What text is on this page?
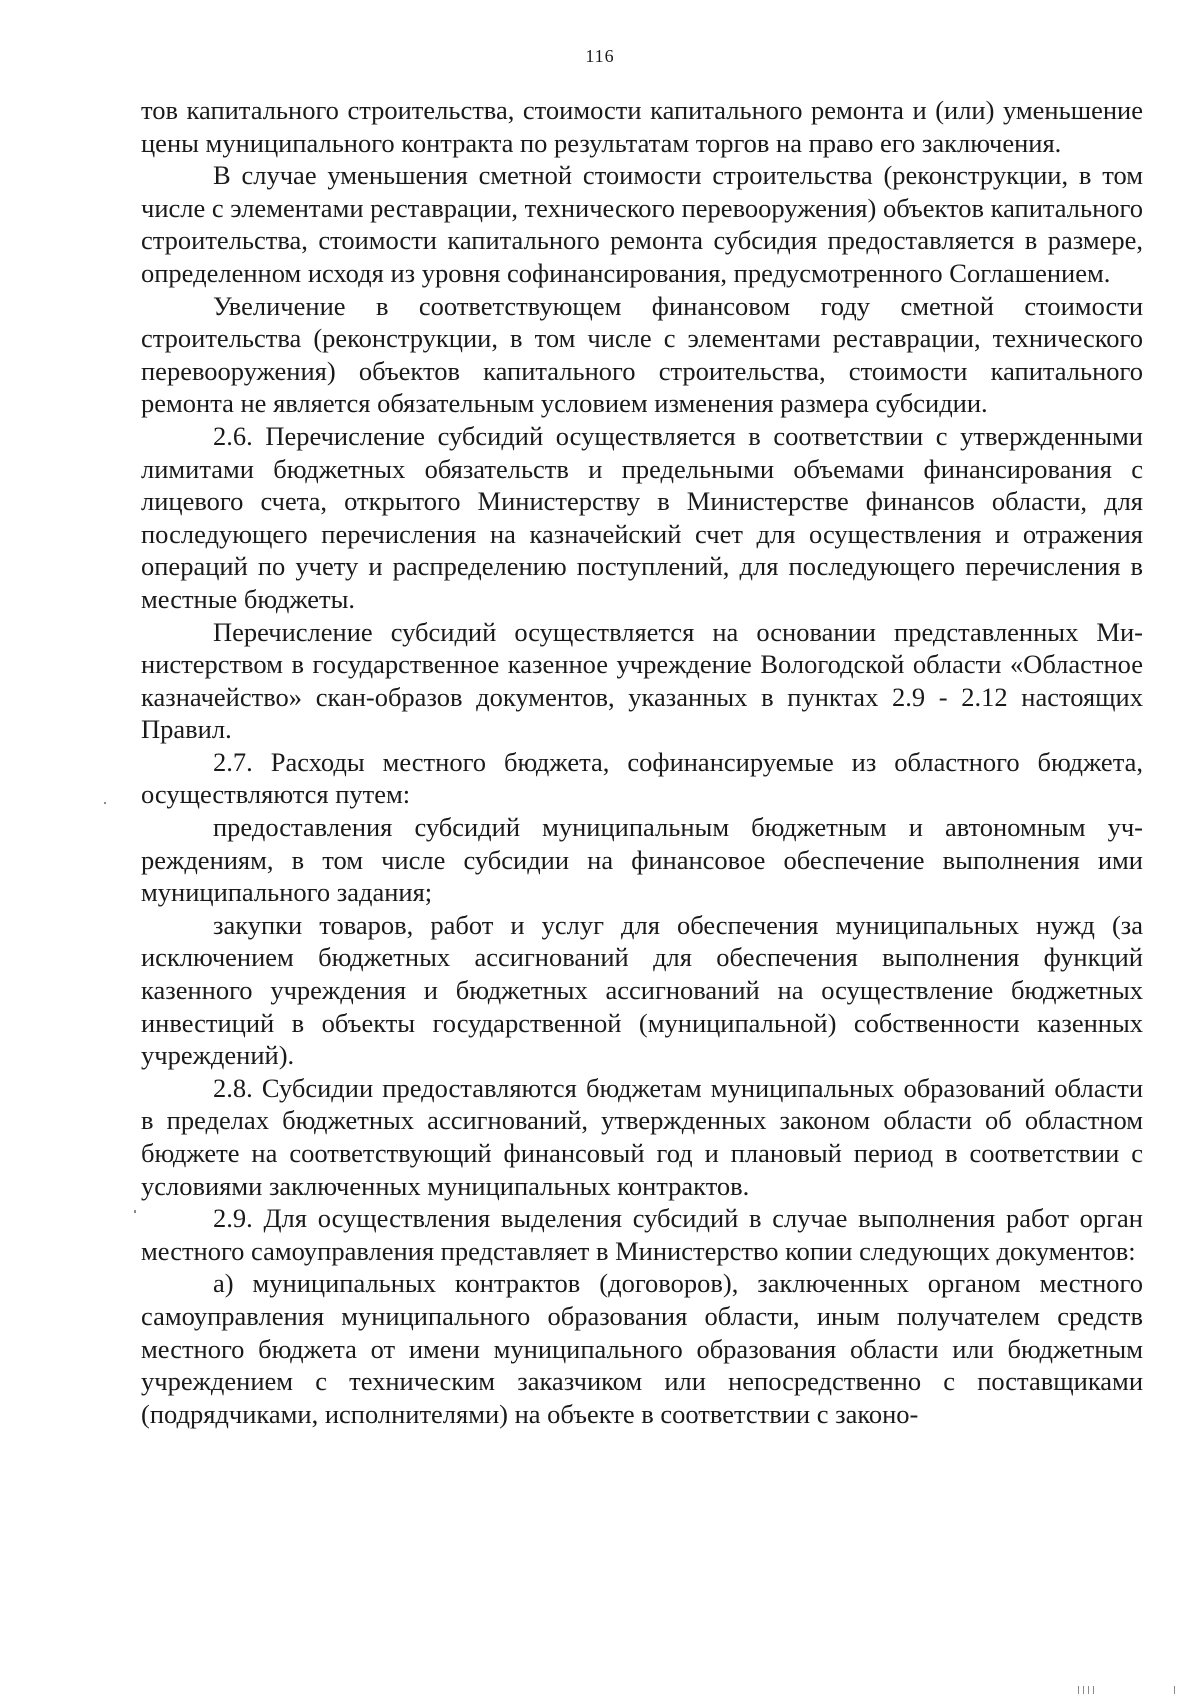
116

тов капитального строительства, стоимости капитального ремонта и (или) уменьшение цены муниципального контракта по результатам торгов на право его заключения.

В случае уменьшения сметной стоимости строительства (реконструкции, в том числе с элементами реставрации, технического перевооружения) объектов капитального строительства, стоимости капитального ремонта субсидия предоставляется в размере, определенном исходя из уровня софинансирования, предусмотренного Соглашением.

Увеличение в соответствующем финансовом году сметной стоимости строительства (реконструкции, в том числе с элементами реставрации, технического перевооружения) объектов капитального строительства, стоимости капитального ремонта не является обязательным условием изменения размера субсидии.

2.6. Перечисление субсидий осуществляется в соответствии с утвержденными лимитами бюджетных обязательств и предельными объемами финансирования с лицевого счета, открытого Министерству в Министерстве финансов области, для последующего перечисления на казначейский счет для осуществления и отражения операций по учету и распределению поступлений, для последующего перечисления в местные бюджеты.

Перечисление субсидий осуществляется на основании представленных Министерством в государственное казенное учреждение Вологодской области «Областное казначейство» скан-образов документов, указанных в пунктах 2.9 - 2.12 настоящих Правил.

2.7. Расходы местного бюджета, софинансируемые из областного бюджета, осуществляются путем:

предоставления субсидий муниципальным бюджетным и автономным учреждениям, в том числе субсидии на финансовое обеспечение выполнения ими муниципального задания;

закупки товаров, работ и услуг для обеспечения муниципальных нужд (за исключением бюджетных ассигнований для обеспечения выполнения функций казенного учреждения и бюджетных ассигнований на осуществление бюджетных инвестиций в объекты государственной (муниципальной) собственности казенных учреждений).

2.8. Субсидии предоставляются бюджетам муниципальных образований области в пределах бюджетных ассигнований, утвержденных законом области об областном бюджете на соответствующий финансовый год и плановый период в соответствии с условиями заключенных муниципальных контрактов.

2.9. Для осуществления выделения субсидий в случае выполнения работ орган местного самоуправления представляет в Министерство копии следующих документов:

а) муниципальных контрактов (договоров), заключенных органом местного самоуправления муниципального образования области, иным получателем средств местного бюджета от имени муниципального образования области или бюджетным учреждением с техническим заказчиком или непосредственно с поставщиками (подрядчиками, исполнителями) на объекте в соответствии с законо-
